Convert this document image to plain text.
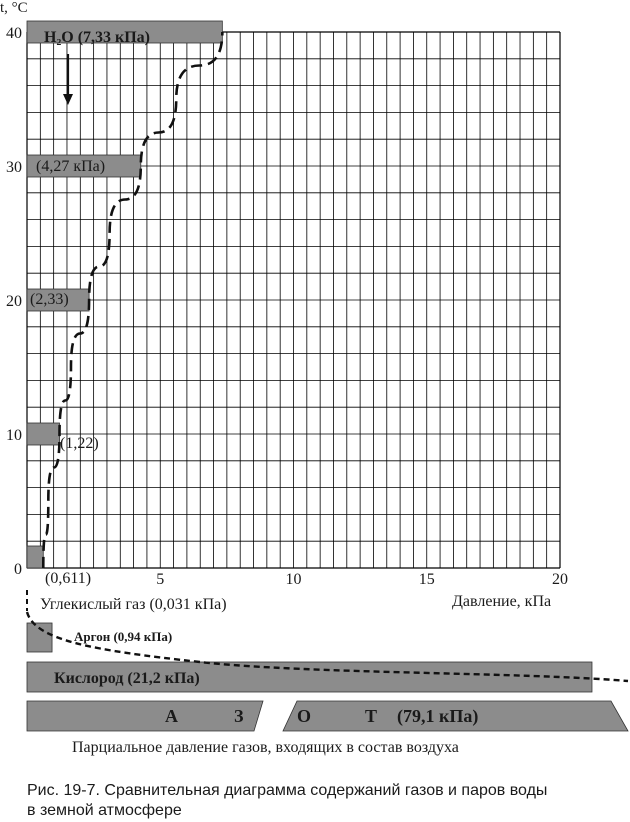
t, °C
0
10
20
30
40
5	10	15	20
Давление, кПа
H₂O (7,33 кПа)
(4,27 кПа)
(2,33)
(1,22)
(0,611)
Углекислый газ (0,031 кПа)
Аргон (0,94 кПа)
Кислород (21,2 кПа)
А	З	О	Т (79,1 кПа)
Парциальное давление газов, входящих в состав воздуха
Рис. 19-7. Сравнительная диаграмма содержаний газов и паров воды
в земной атмосфере
